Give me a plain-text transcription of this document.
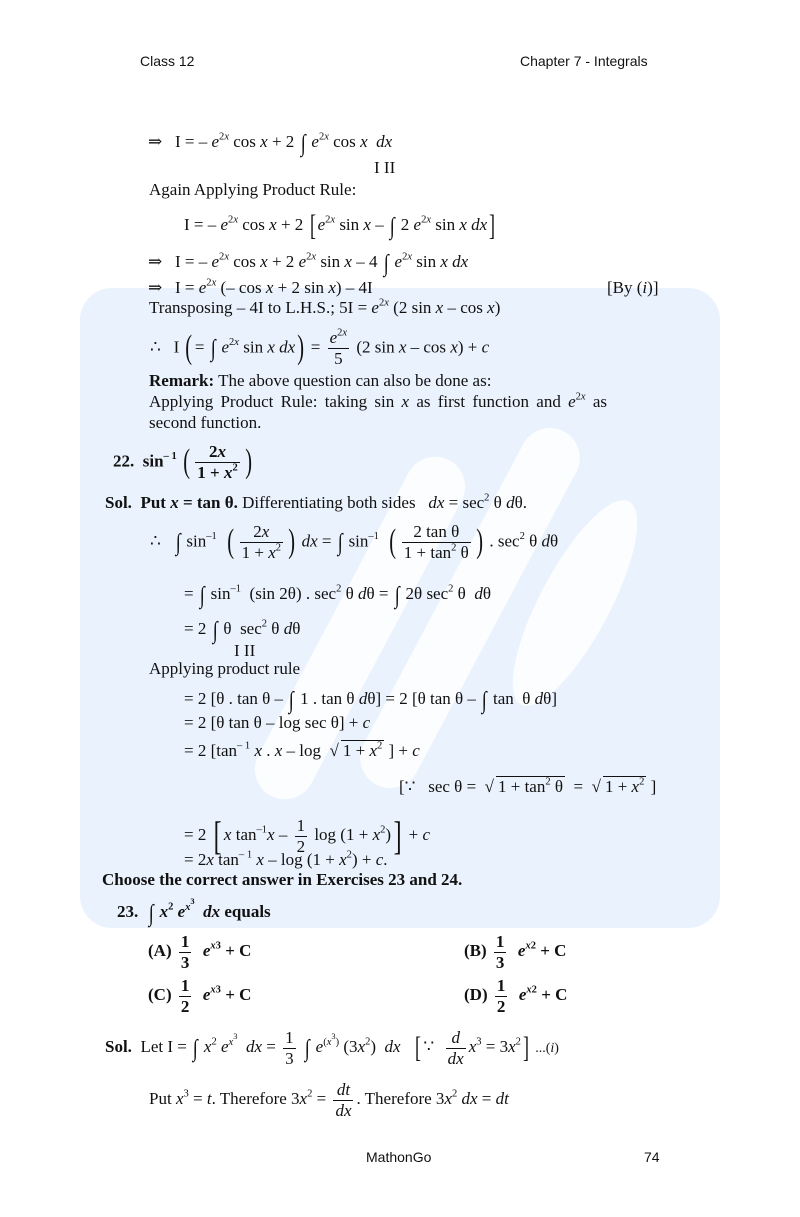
Class 12	Chapter 7 - Integrals
⇒   I = – $e^{2x}$ cos x + 2 ∫ $e^{2x}$ cos x dx
I II
Again Applying Product Rule:
I = – $e^{2x}$ cos x + 2 [ $e^{2x}$ sin x – ∫ 2 $e^{2x}$ sin x dx]
⇒   I = – $e^{2x}$ cos x + 2 $e^{2x}$ sin x – 4 ∫ $e^{2x}$ sin x dx
⇒   $I = e^{2x}$ (– cos x + 2 sin x) – 4I	[By (i)]
Transposing – 4I to L.H.S.; $5I = e^{2x}$ (2 sin x – cos x)
∴   I ( = ∫ $e^{2x}$ sin x $dx) = \frac{e^{2x}}{5} (2$ sin x – cos x) + c
Remark: The above question can also be done as:
Applying Product Rule: taking sin x as first function and $e^{2x}$ as
second function.
22.  $\sin^{- 1}$ ( $\frac{2x}{1 + x^2}$ )
Sol. Put x = tan θ. Differentiating both sides   dx = $\sec^2 \theta$ dθ.
∴   ∫ $\sin^{-1}$ ( $\frac{2x}{1 + x^2}$ ) dx = ∫ $\sin^{-1}$ ( $\frac{\text{2 tan θ}}{1 + \tan^2 \theta}$ ) . $\sec^2 \theta$ dθ
= ∫ $\sin^{-1} (\sin$ 2θ) . $\sec^2 \theta$ dθ = ∫ 2θ $\sec^2 \theta$  dθ
= 2 ∫ θ  $\sec^2 \theta$ dθ
I II
Applying product rule
= 2 [θ . tan θ – ∫ 1 . tan θ dθ] = 2 [θ tan θ – ∫ tan  θ dθ]
= 2 [θ tan θ – log sec θ] + c
= 2 [$\tan^{- 1}$ x . x – log  √ $1 + x^2$ ] + c
[∵   sec θ =  √ $1 + \tan^2 \theta$  =  √ $1 + x^2$ ]
= 2 [ x $\tan^{-1}x - \frac{1}{2}$ $\log (1 + x^2)] + c$
= 2x $\tan^{- 1} x - \log (1 + x^2) + c$.
Choose the correct answer in Exercises 23 and 24.
23. ∫ $x^2$ $e^{x^3}$  dx equals
$(A) \frac{1}{3} e^{x3} + C$	$(B) \frac{1}{3} e^{x2} + C$
$(C) \frac{1}{2} e^{x3} + C$	$(D) \frac{1}{2} e^{x2} + C$
Sol.  Let I = ∫ $x^2$ $e^{x^3}$  dx = $\frac{1}{3}$ ∫ $e^{(x^3)}$ $(3x^2)$  dx [ ∵ $\frac{d}{dx} x^3 = 3x^2$] ...(i)
Put $x^3 = t$. Therefore $3x^2 = \frac{dt}{dx}$ . Therefore $3x^2$ dx = dt
MathonGo	74
